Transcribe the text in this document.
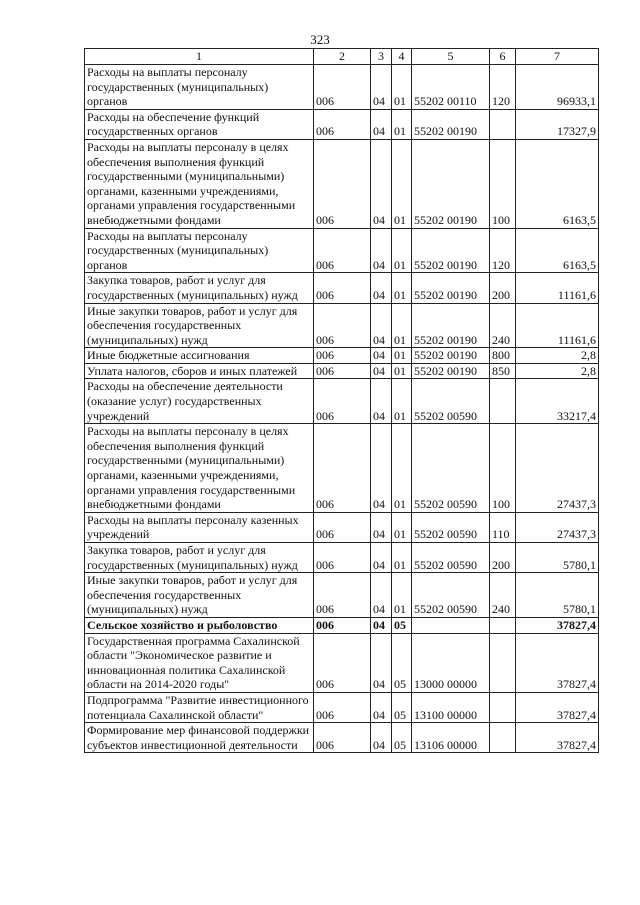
323
1	2	3	4	5	6	7
Расходы на выплаты персоналу государственных (муниципальных) органов	006	04	01	55202 00110	120	96933,1
Расходы на обеспечение функций государственных органов	006	04	01	55202 00190		17327,9
Расходы на выплаты персоналу в целях обеспечения выполнения функций государственными (муниципальными) органами, казенными учреждениями, органами управления государственными внебюджетными фондами	006	04	01	55202 00190	100	6163,5
Расходы на выплаты персоналу государственных (муниципальных) органов	006	04	01	55202 00190	120	6163,5
Закупка товаров, работ и услуг для государственных (муниципальных) нужд	006	04	01	55202 00190	200	11161,6
Иные закупки товаров, работ и услуг для обеспечения государственных (муниципальных) нужд	006	04	01	55202 00190	240	11161,6
Иные бюджетные ассигнования	006	04	01	55202 00190	800	2,8
Уплата налогов, сборов и иных платежей	006	04	01	55202 00190	850	2,8
Расходы на обеспечение деятельности (оказание услуг) государственных учреждений	006	04	01	55202 00590		33217,4
Расходы на выплаты персоналу в целях обеспечения выполнения функций государственными (муниципальными) органами, казенными учреждениями, органами управления государственными внебюджетными фондами	006	04	01	55202 00590	100	27437,3
Расходы на выплаты персоналу казенных учреждений	006	04	01	55202 00590	110	27437,3
Закупка товаров, работ и услуг для государственных (муниципальных) нужд	006	04	01	55202 00590	200	5780,1
Иные закупки товаров, работ и услуг для обеспечения государственных (муниципальных) нужд	006	04	01	55202 00590	240	5780,1
Сельское хозяйство и рыболовство	006	04	05			37827,4
Государственная программа Сахалинской области "Экономическое развитие и инновационная политика Сахалинской области на 2014-2020 годы"	006	04	05	13000 00000		37827,4
Подпрограмма "Развитие инвестиционного потенциала Сахалинской области"	006	04	05	13100 00000		37827,4
Формирование мер финансовой поддержки субъектов инвестиционной деятельности	006	04	05	13106 00000		37827,4
